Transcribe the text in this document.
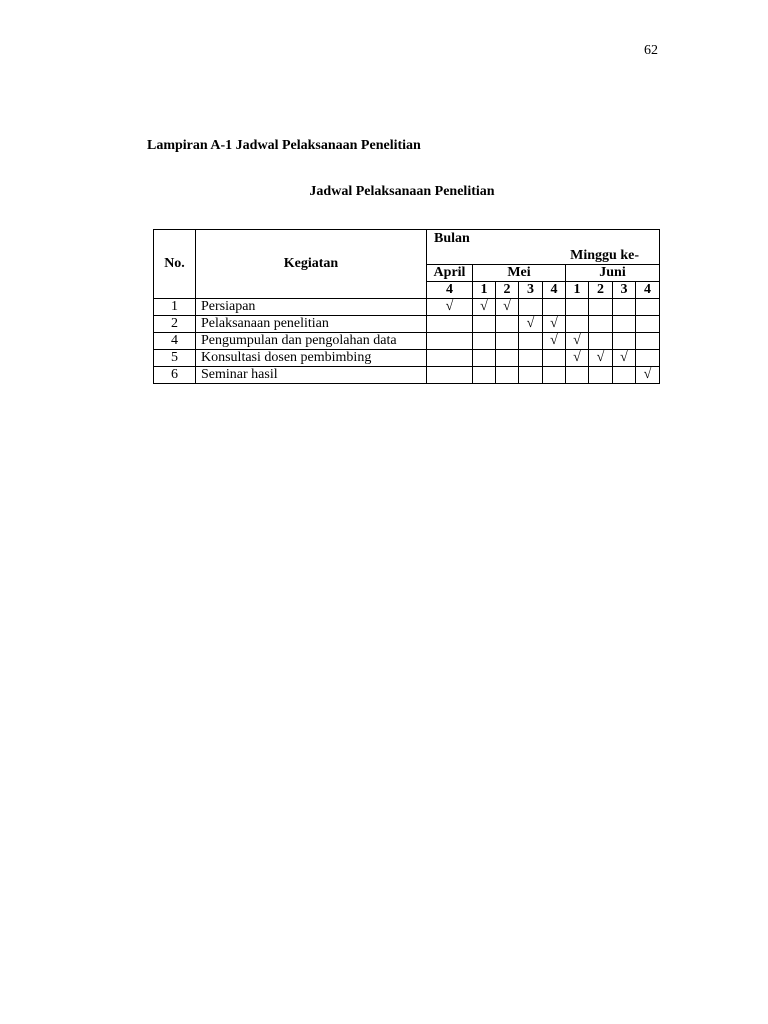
62
Lampiran A-1 Jadwal Pelaksanaan Penelitian
Jadwal Pelaksanaan Penelitian
No.	Kegiatan	Bulan
Minggu ke-								

		April	Mei				Juni			
		4	1	2	3	4	1	2	3	4
1	Persiapan	√	√	√						
2	Pelaksanaan penelitian				√	√				
4	Pengumpulan dan pengolahan data					√	√			
5	Konsultasi dosen pembimbing						√	√	√	
6	Seminar hasil									√
